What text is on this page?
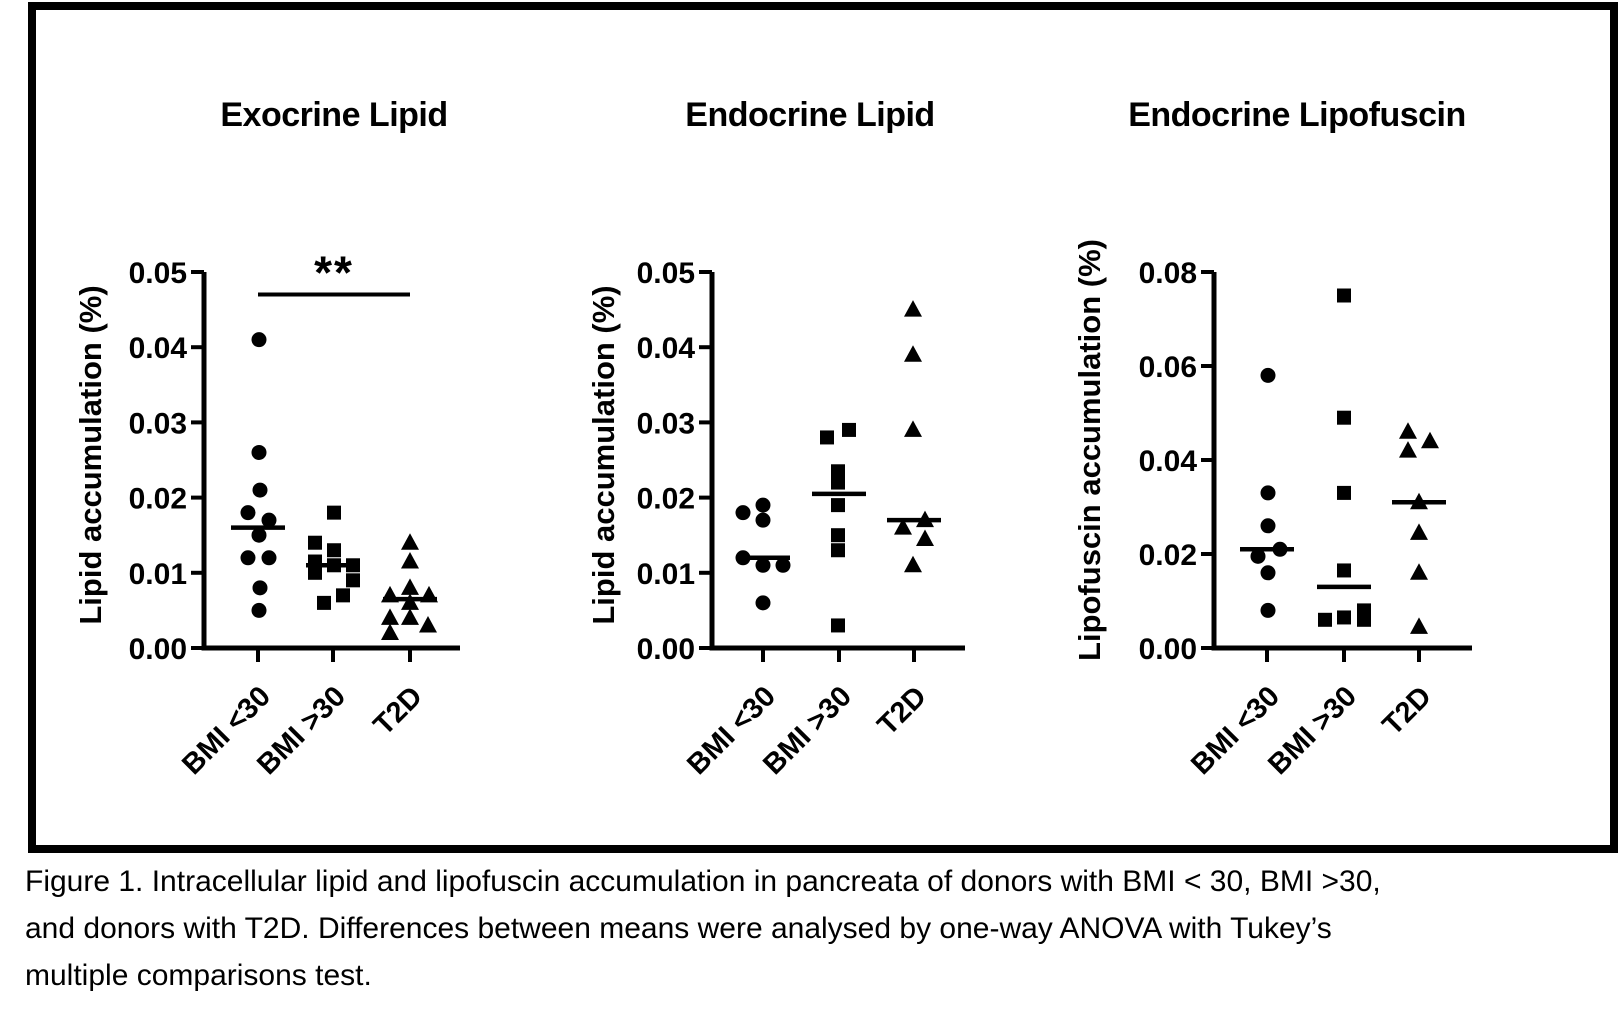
Exocrine Lipid
Lipid accumulation (%)
0.00
0.01
0.02
0.03
0.04
0.05
BMI <30
BMI >30 T2D
**
Endocrine Lipid
Lipid accumulation (%)
0.00
0.01
0.02
0.03
0.04
0.05
BMI <30
BMI >30 T2D
Endocrine Lipofuscin
Lipofuscin accumulation (%) 0.00
0.02
0.04
0.06
0.08
BMI <30
BMI >30 T2D
Figure 1. Intracellular lipid and lipofuscin accumulation in pancreata of donors with BMI < 30, BMI >30,
and donors with T2D. Differences between means were analysed by one-way ANOVA with Tukey’s
multiple comparisons test.
